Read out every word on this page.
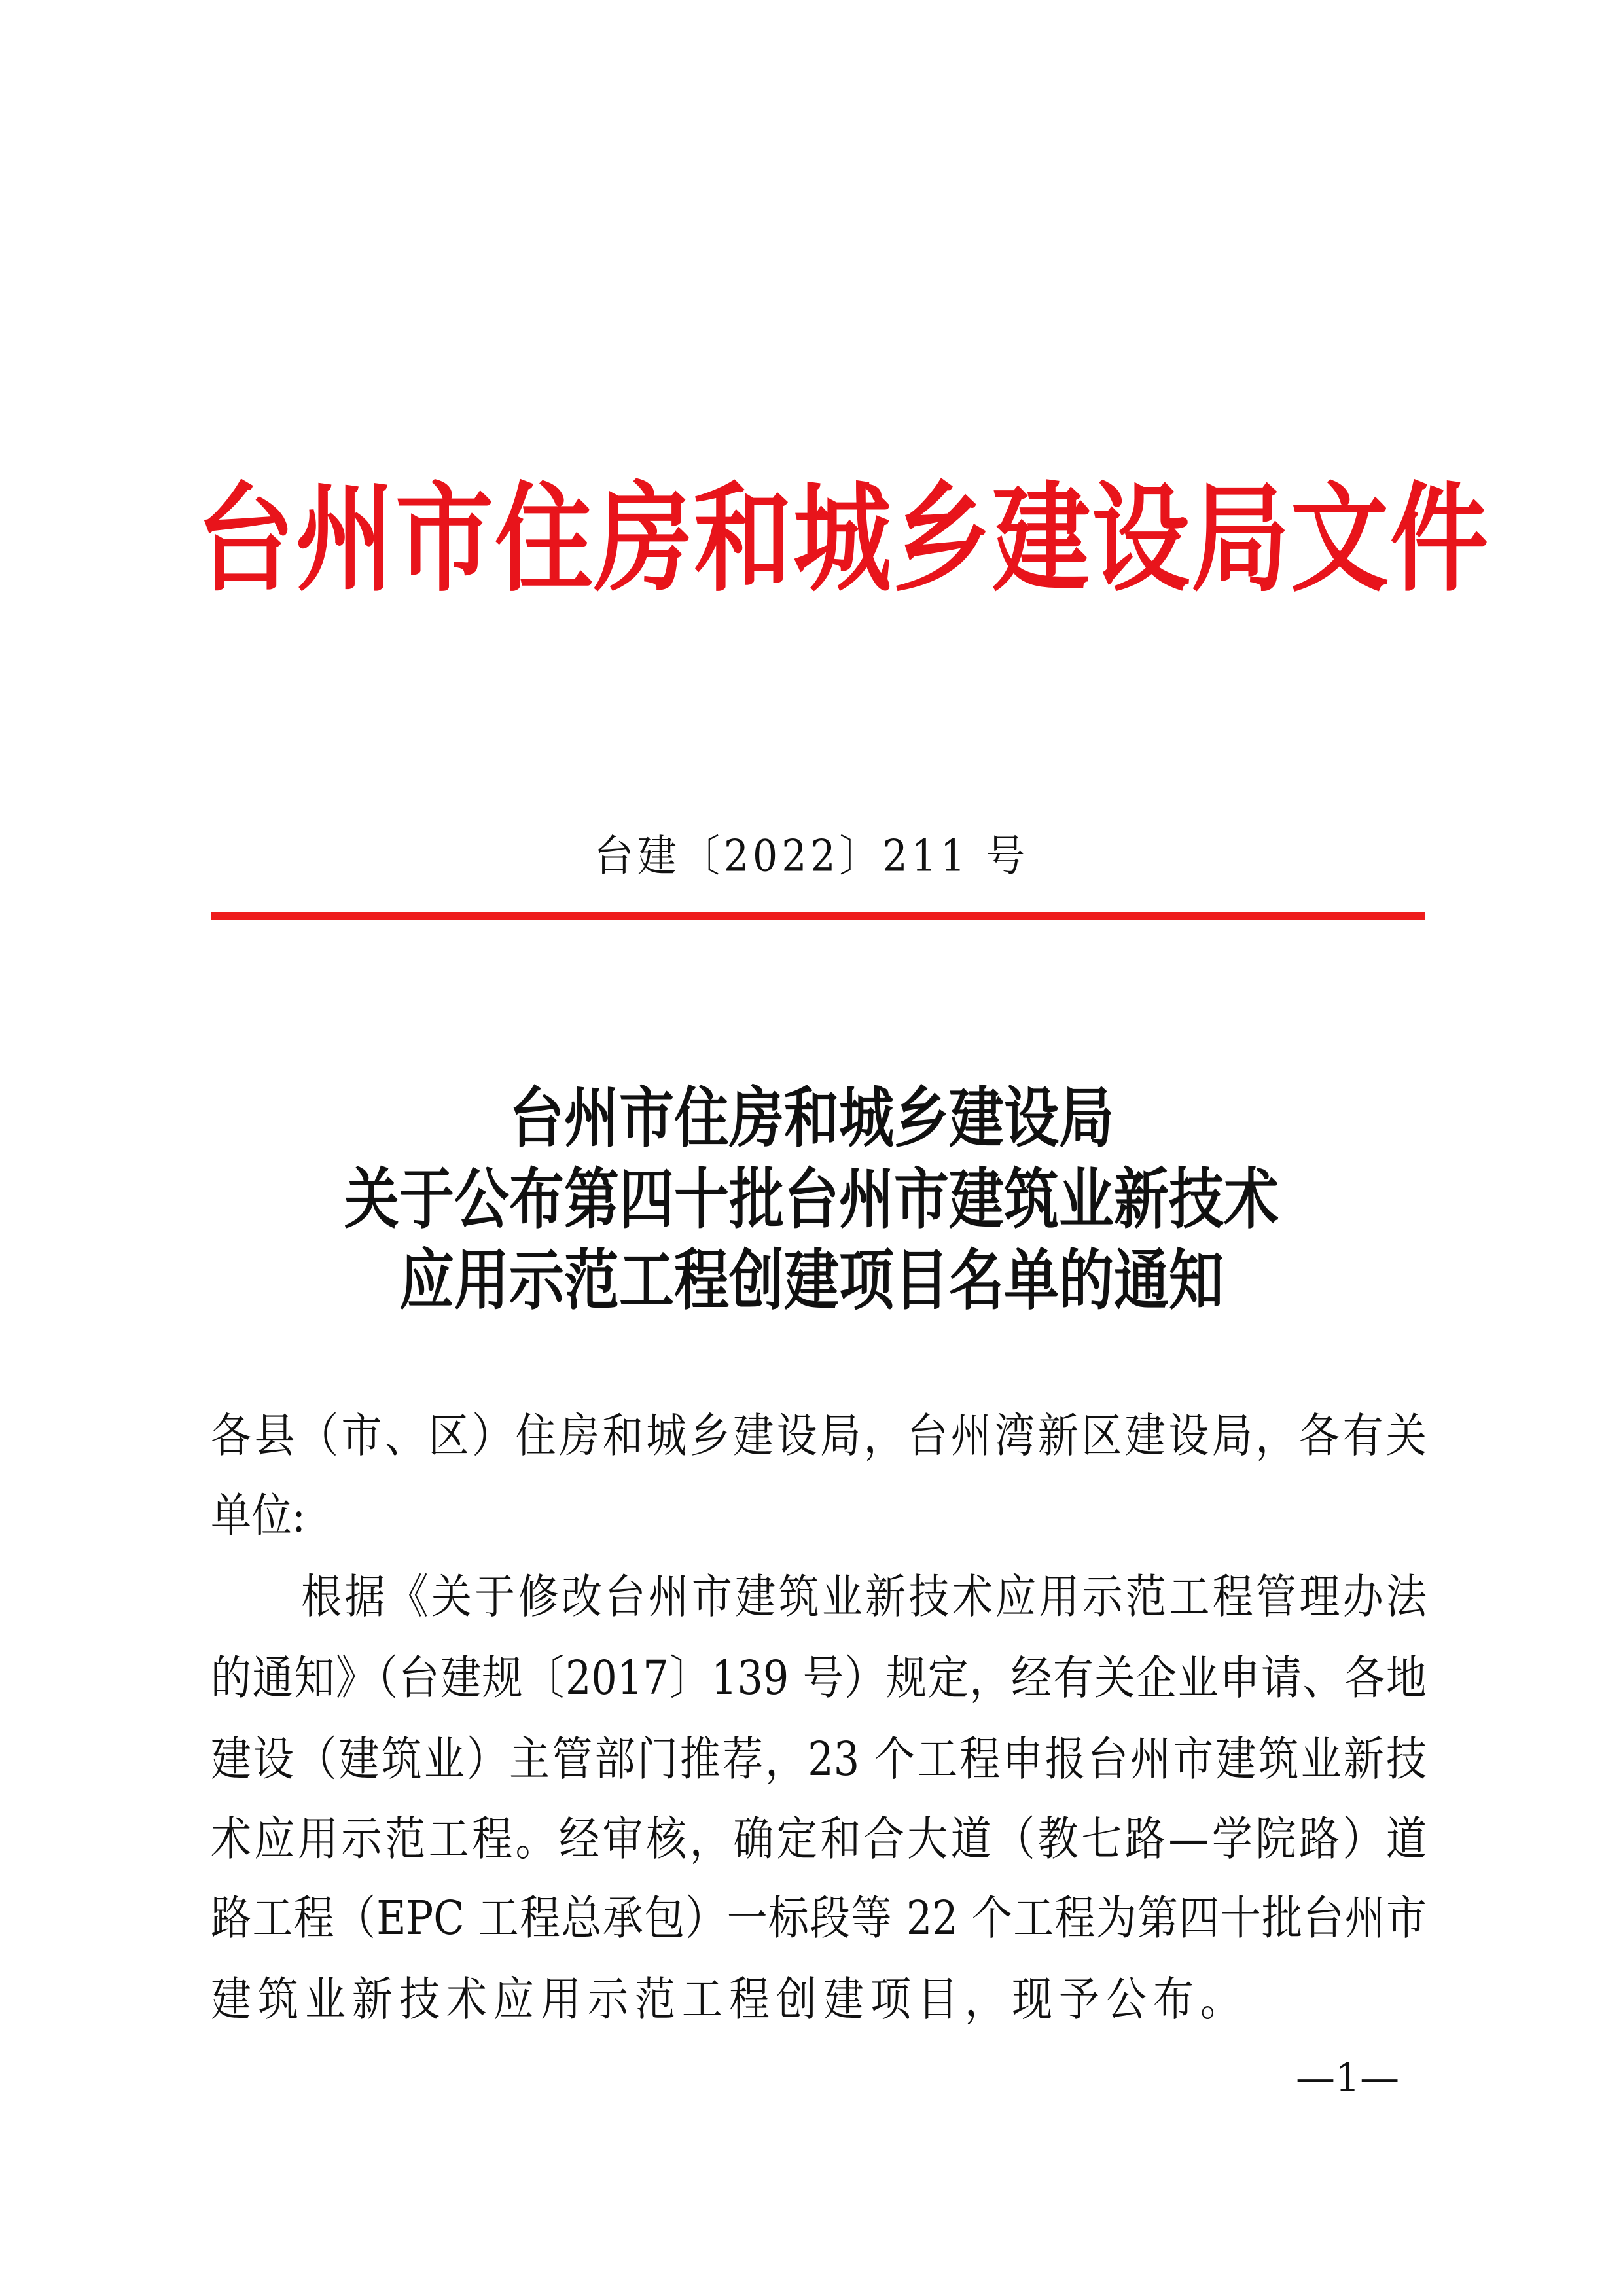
台州市住房和城乡建设局文件
台建〔2022〕211 号
台州市住房和城乡建设局
关于公布第四十批台州市建筑业新技术
应用示范工程创建项目名单的通知
各县（市、区）住房和城乡建设局，台州湾新区建设局，各有关
单位:
根据《关于修改台州市建筑业新技术应用示范工程管理办法
的通知》（台建规〔2017〕139 号）规定，经有关企业申请、各地
建设（建筑业）主管部门推荐，23 个工程申报台州市建筑业新技
术应用示范工程。经审核，确定和合大道（教七路—学院路）道
路工程（EPC 工程总承包）一标段等 22 个工程为第四十批台州市
建筑业新技术应用示范工程创建项目，现予公布。
—1—
